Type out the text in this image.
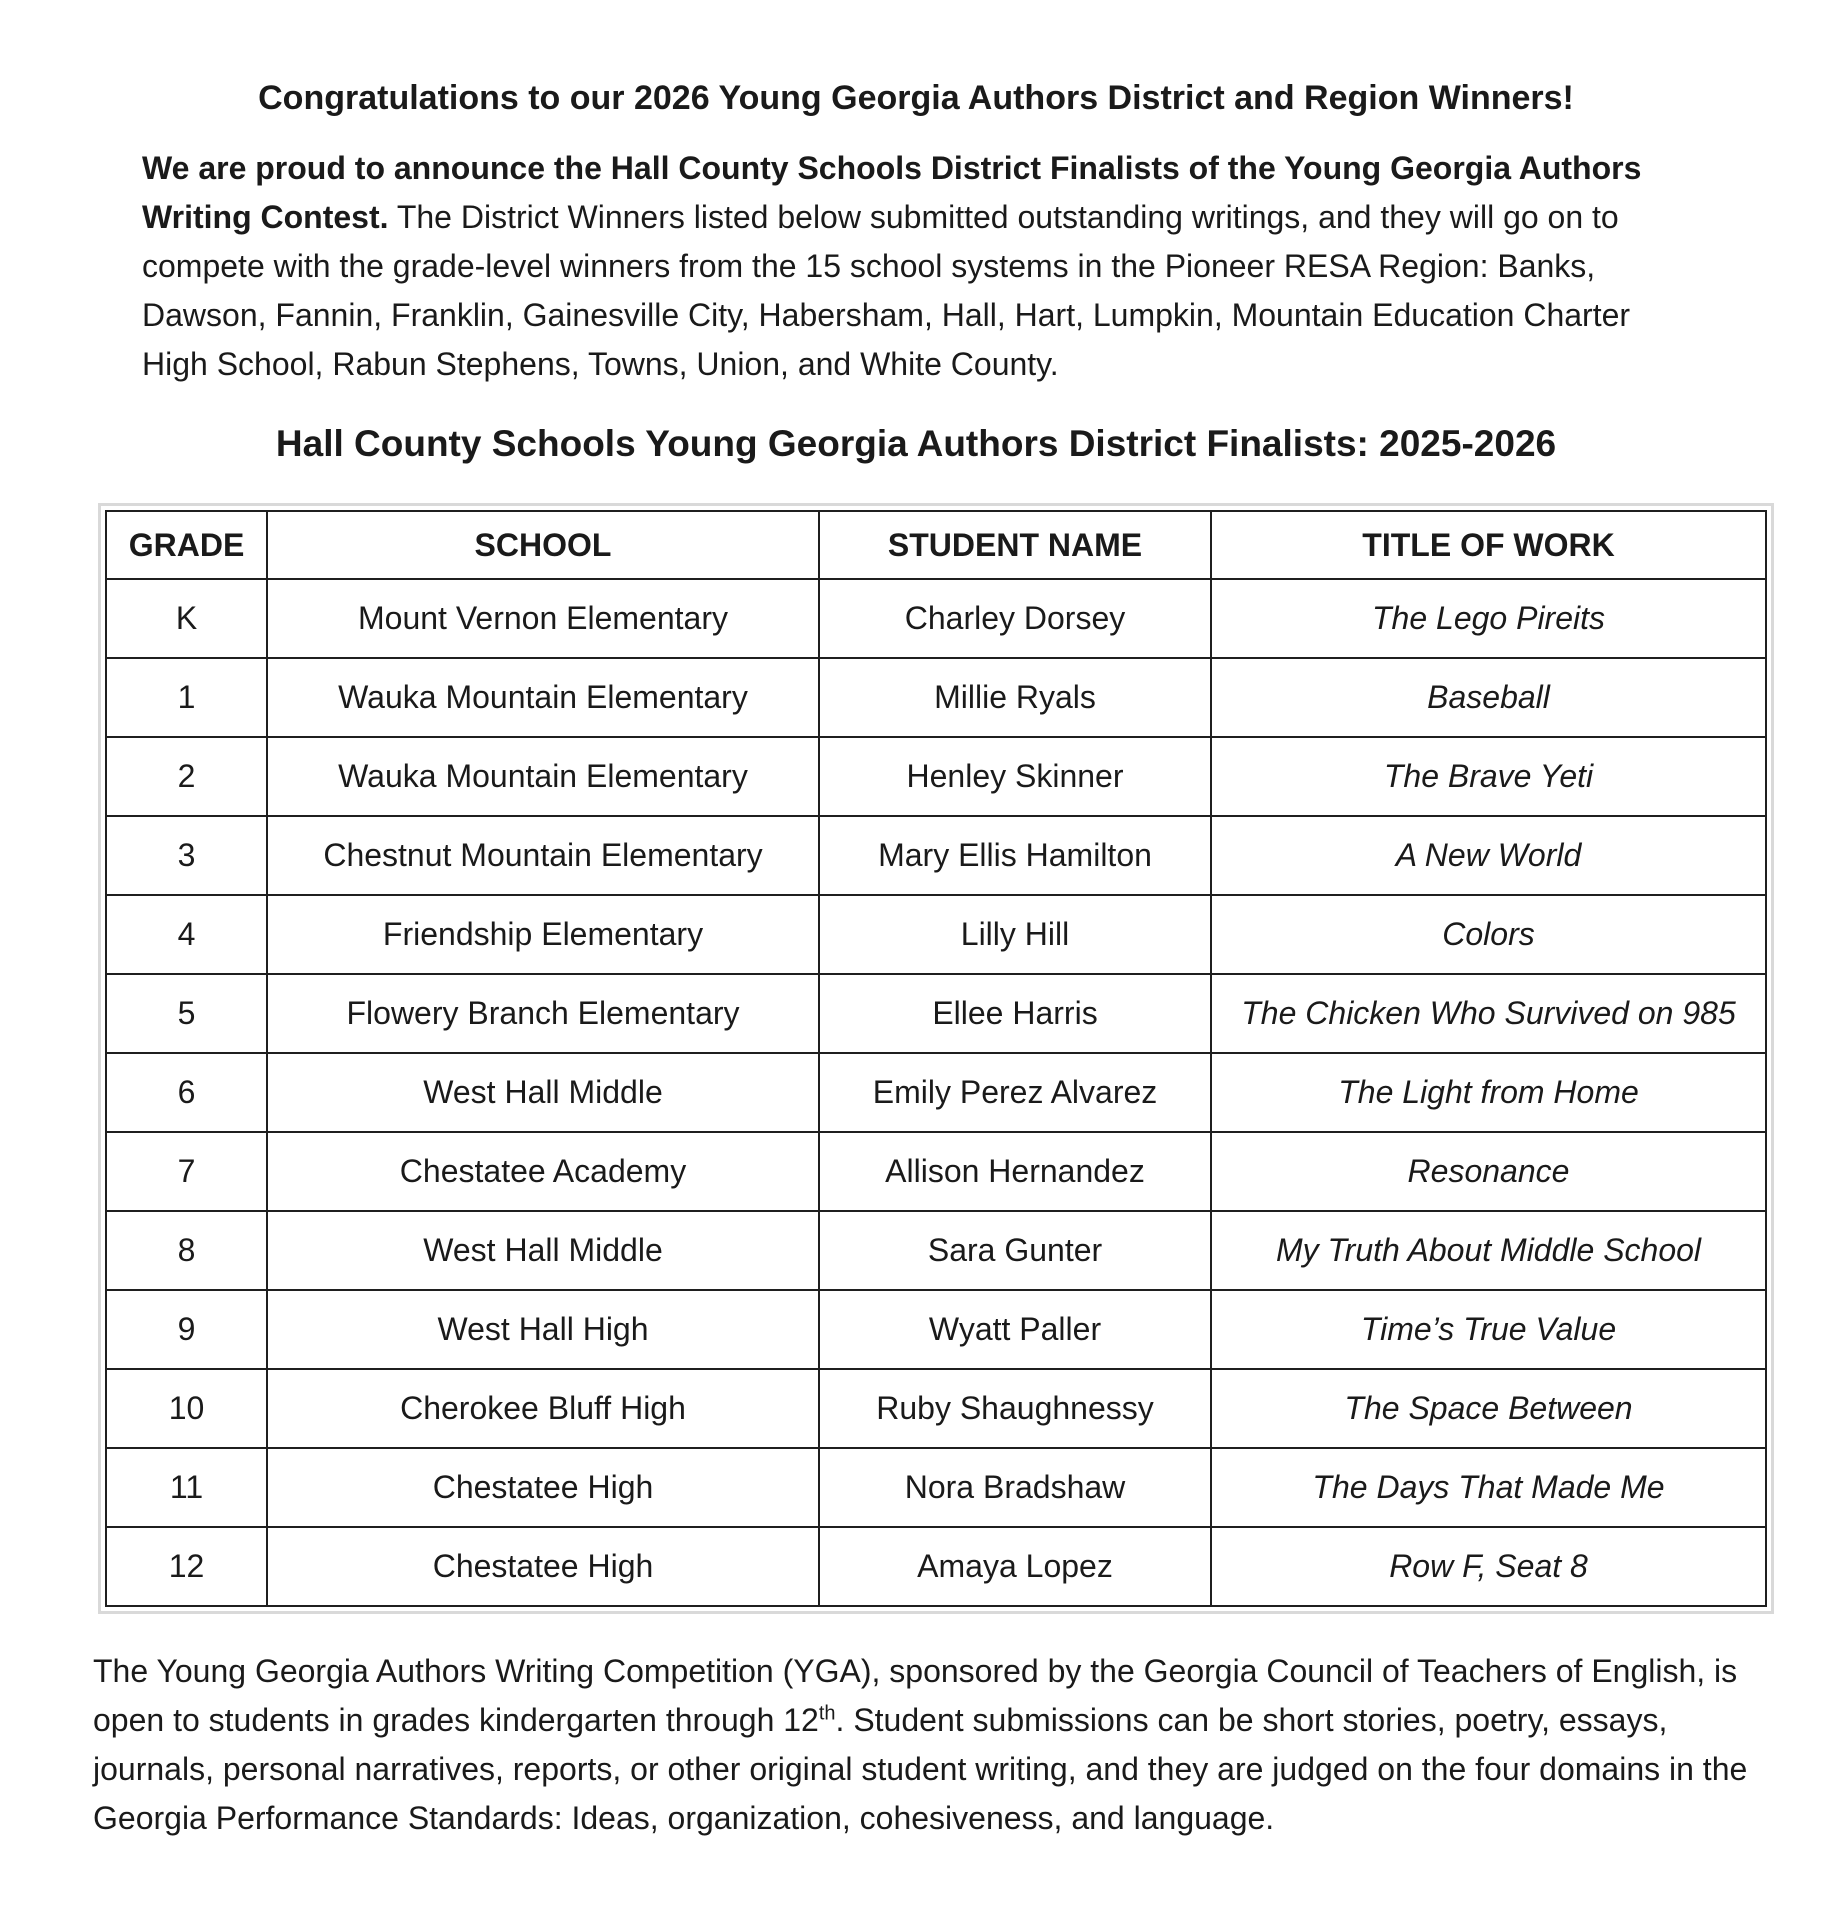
Congratulations to our 2026 Young Georgia Authors District and Region Winners!

We are proud to announce the Hall County Schools District Finalists of the Young Georgia Authors Writing Contest. The District Winners listed below submitted outstanding writings, and they will go on to compete with the grade-level winners from the 15 school systems in the Pioneer RESA Region: Banks, Dawson, Fannin, Franklin, Gainesville City, Habersham, Hall, Hart, Lumpkin, Mountain Education Charter High School, Rabun Stephens, Towns, Union, and White County.

Hall County Schools Young Georgia Authors District Finalists: 2025-2026
GRADE	SCHOOL	STUDENT NAME	TITLE OF WORK
K	Mount Vernon Elementary	Charley Dorsey	The Lego Pireits
1	Wauka Mountain Elementary	Millie Ryals	Baseball
2	Wauka Mountain Elementary	Henley Skinner	The Brave Yeti
3	Chestnut Mountain Elementary	Mary Ellis Hamilton	A New World
4	Friendship Elementary	Lilly Hill	Colors
5	Flowery Branch Elementary	Ellee Harris	The Chicken Who Survived on 985
6	West Hall Middle	Emily Perez Alvarez	The Light from Home
7	Chestatee Academy	Allison Hernandez	Resonance
8	West Hall Middle	Sara Gunter	My Truth About Middle School
9	West Hall High	Wyatt Paller	Time’s True Value
10	Cherokee Bluff High	Ruby Shaughnessy	The Space Between
11	Chestatee High	Nora Bradshaw	The Days That Made Me
12	Chestatee High	Amaya Lopez	Row F, Seat 8

The Young Georgia Authors Writing Competition (YGA), sponsored by the Georgia Council of Teachers of English, is open to students in grades kindergarten through 12th. Student submissions can be short stories, poetry, essays, journals, personal narratives, reports, or other original student writing, and they are judged on the four domains in the Georgia Performance Standards: Ideas, organization, cohesiveness, and language.
